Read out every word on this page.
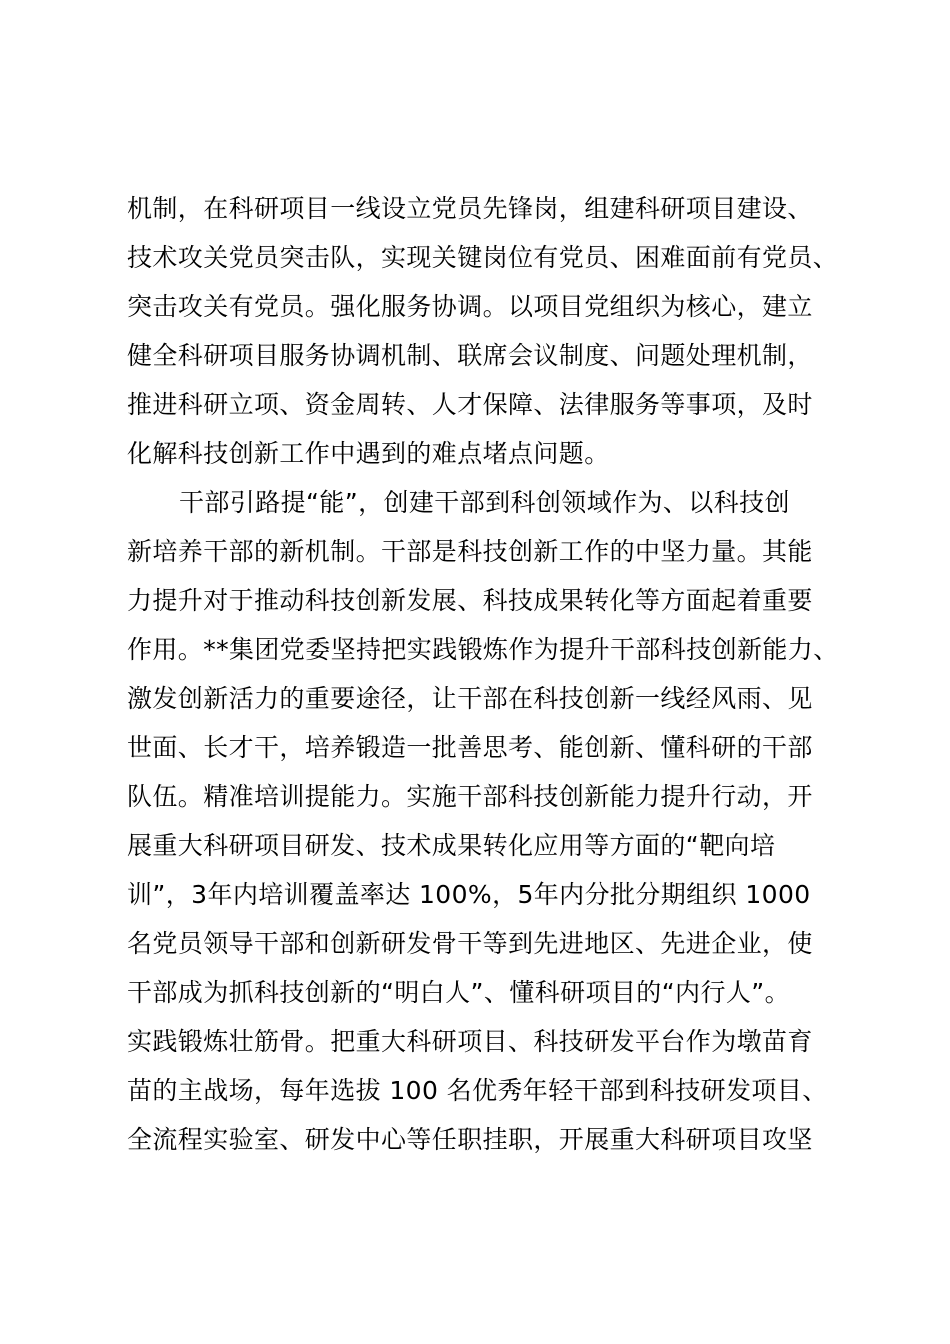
机制，在科研项目一线设立党员先锋岗，组建科研项目建设、
技术攻关党员突击队，实现关键岗位有党员、困难面前有党员、
突击攻关有党员。强化服务协调。以项目党组织为核心，建立
健全科研项目服务协调机制、联席会议制度、问题处理机制，
推进科研立项、资金周转、人才保障、法律服务等事项，及时
化解科技创新工作中遇到的难点堵点问题。
干部引路提“能”，创建干部到科创领域作为、以科技创
新培养干部的新机制。干部是科技创新工作的中坚力量。其能
力提升对于推动科技创新发展、科技成果转化等方面起着重要
作用。**集团党委坚持把实践锻炼作为提升干部科技创新能力、
激发创新活力的重要途径，让干部在科技创新一线经风雨、见
世面、长才干，培养锻造一批善思考、能创新、懂科研的干部
队伍。精准培训提能力。实施干部科技创新能力提升行动，开
展重大科研项目研发、技术成果转化应用等方面的“靶向培
训”，3年内培训覆盖率达 100%，5年内分批分期组织 1000
名党员领导干部和创新研发骨干等到先进地区、先进企业，使
干部成为抓科技创新的“明白人”、懂科研项目的“内行人”。
实践锻炼壮筋骨。把重大科研项目、科技研发平台作为墩苗育
苗的主战场，每年选拔 100 名优秀年轻干部到科技研发项目、
全流程实验室、研发中心等任职挂职，开展重大科研项目攻坚
